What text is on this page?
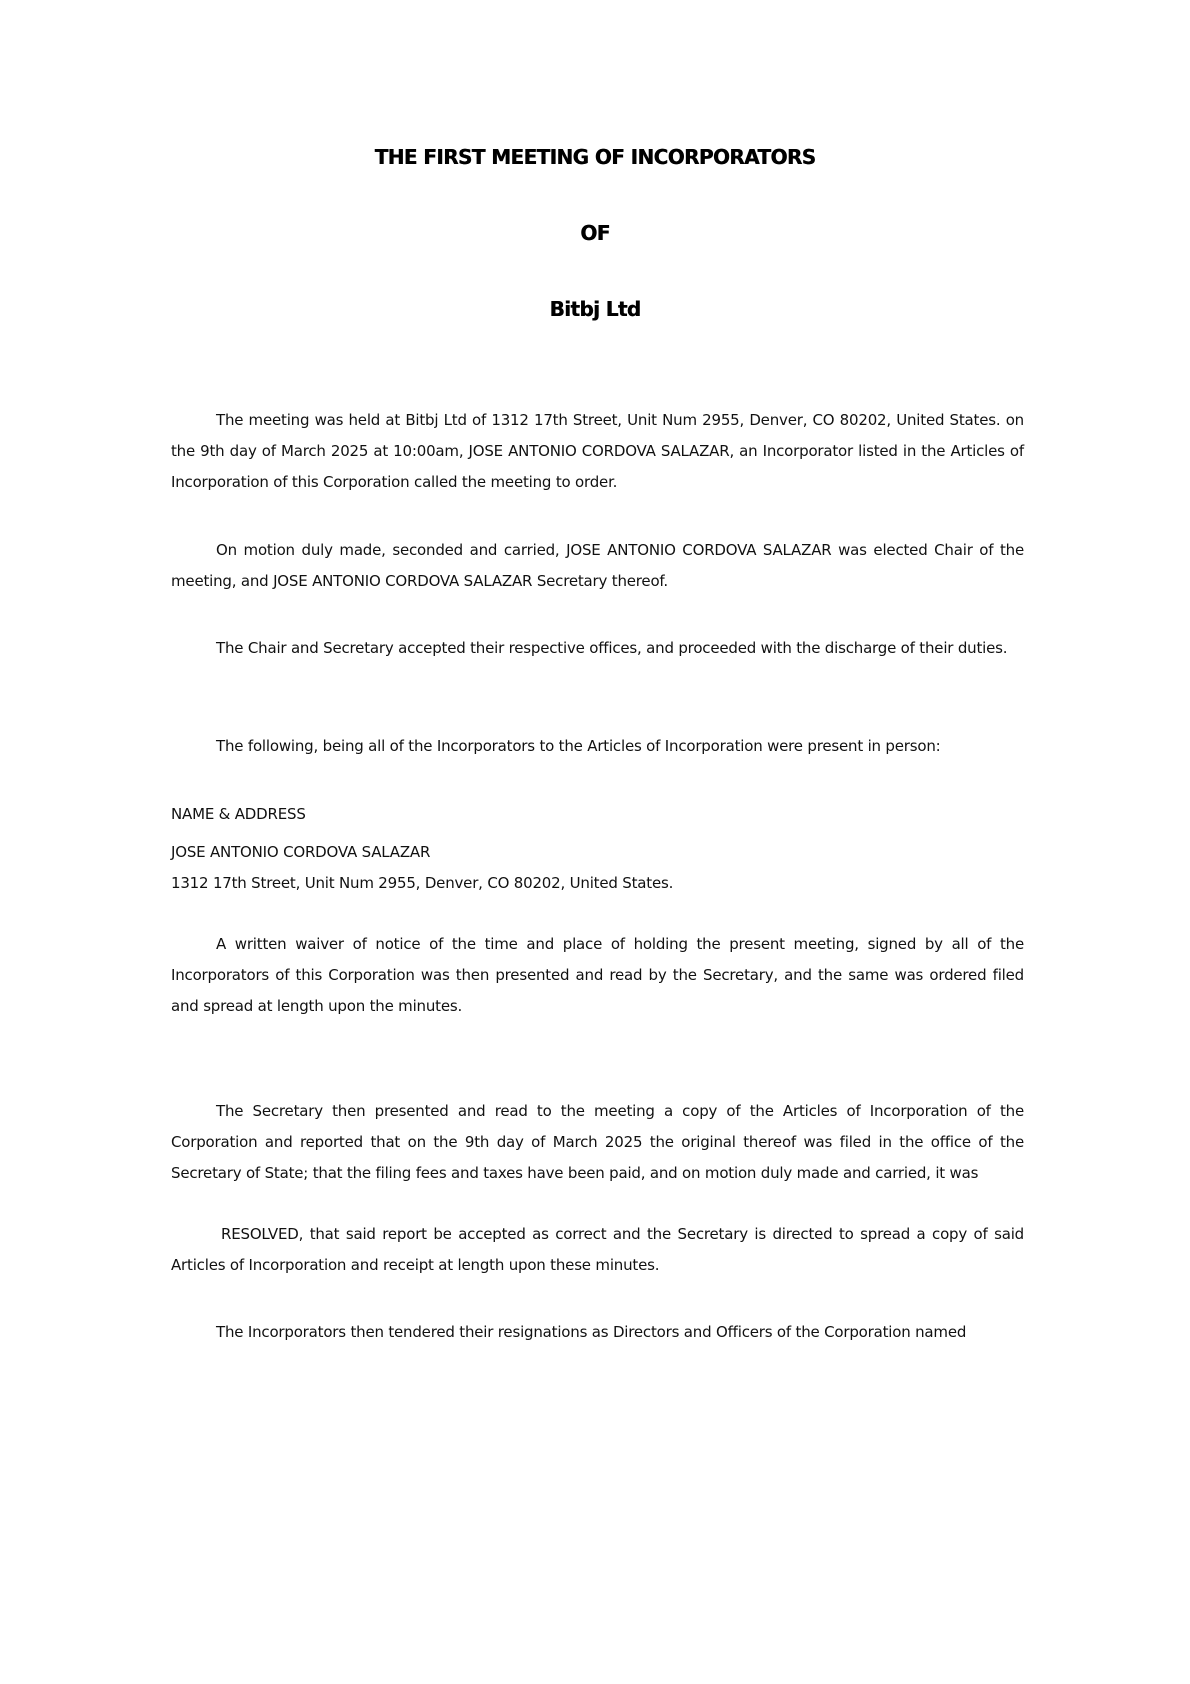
THE FIRST MEETING OF INCORPORATORS
OF
Bitbj Ltd

The meeting was held at Bitbj Ltd of 1312 17th Street, Unit Num 2955, Denver, CO 80202, United States. on the 9th day of March 2025 at 10:00am, JOSE ANTONIO CORDOVA SALAZAR, an Incorporator listed in the Articles of Incorporation of this Corporation called the meeting to order.

On motion duly made, seconded and carried, JOSE ANTONIO CORDOVA SALAZAR was elected Chair of the meeting, and JOSE ANTONIO CORDOVA SALAZAR Secretary thereof.

The Chair and Secretary accepted their respective offices, and proceeded with the discharge of their duties.

The following, being all of the Incorporators to the Articles of Incorporation were present in person:

NAME & ADDRESS

JOSE ANTONIO CORDOVA SALAZAR

1312 17th Street, Unit Num 2955, Denver, CO 80202, United States.

A written waiver of notice of the time and place of holding the present meeting, signed by all of the Incorporators of this Corporation was then presented and read by the Secretary, and the same was ordered filed and spread at length upon the minutes.

The Secretary then presented and read to the meeting a copy of the Articles of Incorporation of the Corporation and reported that on the 9th day of March 2025 the original thereof was filed in the office of the Secretary of State; that the filing fees and taxes have been paid, and on motion duly made and carried, it was

RESOLVED, that said report be accepted as correct and the Secretary is directed to spread a copy of said Articles of Incorporation and receipt at length upon these minutes.

The Incorporators then tendered their resignations as Directors and Officers of the Corporation named
